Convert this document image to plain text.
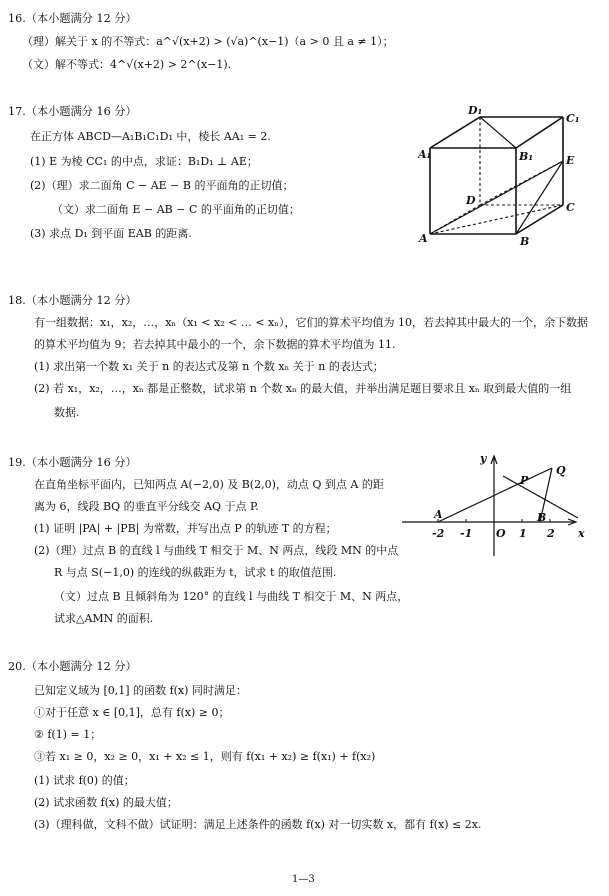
16.（本小题满分 12 分）
（理）解关于 x 的不等式：a^√(x+2) > (√a)^(x−1)（a > 0 且 a ≠ 1）；
（文）解不等式：4^√(x+2) > 2^(x−1).
17.（本小题满分 16 分）
在正方体 ABCD—A₁B₁C₁D₁ 中，棱长 AA₁ = 2.
(1) E 为棱 CC₁ 的中点，求证：B₁D₁ ⊥ AE；
(2)（理）求二面角 C − AE − B 的平面角的正切值；
（文）求二面角 E − AB − C 的平面角的正切值；
(3) 求点 D₁ 到平面 EAB 的距离.
D₁
C₁
A₁	B₁	E
D
C
A	B
18.（本小题满分 12 分）
有一组数据：x₁，x₂，…，xₙ（x₁ < x₂ < … < xₙ），它们的算术平均值为 10，若去掉其中最大的一个，余下数据
的算术平均值为 9；若去掉其中最小的一个，余下数据的算术平均值为 11.
(1) 求出第一个数 x₁ 关于 n 的表达式及第 n 个数 xₙ 关于 n 的表达式；
(2) 若 x₁，x₂，…，xₙ 都是正整数，试求第 n 个数 xₙ 的最大值，并举出满足题目要求且 xₙ 取到最大值的一组
数据.
19.（本小题满分 16 分）
在直角坐标平面内，已知两点 A(−2,0) 及 B(2,0)，动点 Q 到点 A 的距
离为 6，线段 BQ 的垂直平分线交 AQ 于点 P.
(1) 证明 |PA| + |PB| 为常数，并写出点 P 的轨迹 T 的方程；
(2)（理）过点 B 的直线 l 与曲线 T 相交于 M、N 两点，线段 MN 的中点
R 与点 S(−1,0) 的连线的纵截距为 t，试求 t 的取值范围.
（文）过点 B 且倾斜角为 120° 的直线 l 与曲线 T 相交于 M、N 两点，
试求△AMN 的面积.
y
Q
P
A	B
-2 -1 O 1 2 x
20.（本小题满分 12 分）
已知定义域为 [0,1] 的函数 f(x) 同时满足：
①对于任意 x ∈ [0,1]，总有 f(x) ≥ 0；
② f(1) = 1；
③若 x₁ ≥ 0，x₂ ≥ 0，x₁ + x₂ ≤ 1，则有 f(x₁ + x₂) ≥ f(x₁) + f(x₂)
(1) 试求 f(0) 的值；
(2) 试求函数 f(x) 的最大值；
(3)（理科做，文科不做）试证明：满足上述条件的函数 f(x) 对一切实数 x，都有 f(x) ≤ 2x.
1—3
